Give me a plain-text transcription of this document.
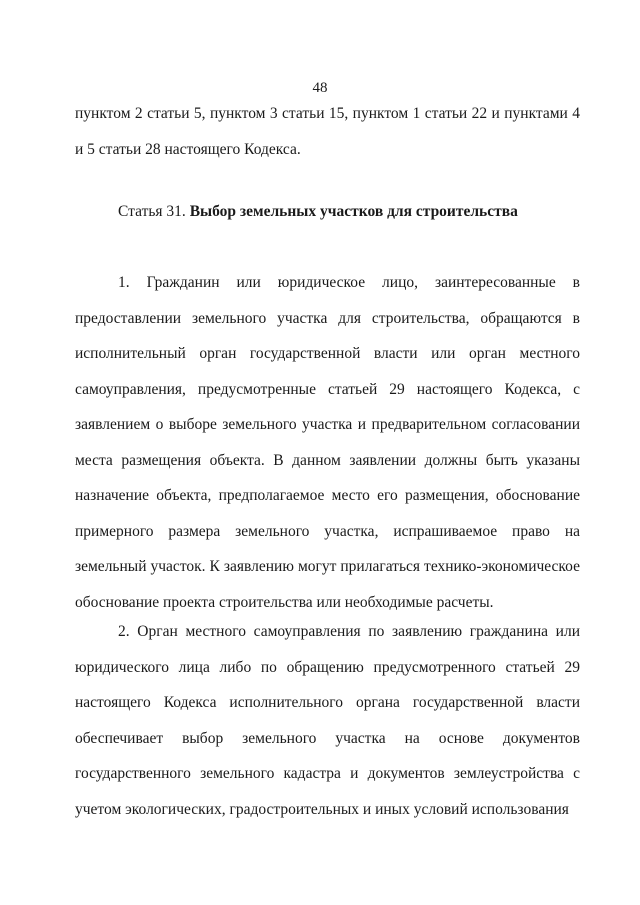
48
пунктом 2 статьи 5, пунктом 3 статьи 15, пунктом 1 статьи 22 и пунктами 4 и 5 статьи 28 настоящего Кодекса.
Статья 31. Выбор земельных участков для строительства
1. Гражданин или юридическое лицо, заинтересованные в предоставлении земельного участка для строительства, обращаются в исполнительный орган государственной власти или орган местного самоуправления, предусмотренные статьей 29 настоящего Кодекса, с заявлением о выборе земельного участка и предварительном согласовании места размещения объекта. В данном заявлении должны быть указаны назначение объекта, предполагаемое место его размещения, обоснование примерного размера земельного участка, испрашиваемое право на земельный участок. К заявлению могут прилагаться технико-экономическое обоснование проекта строительства или необходимые расчеты.
2. Орган местного самоуправления по заявлению гражданина или юридического лица либо по обращению предусмотренного статьей 29 настоящего Кодекса исполнительного органа государственной власти обеспечивает выбор земельного участка на основе документов государственного земельного кадастра и документов землеустройства с учетом экологических, градостроительных и иных условий использования
